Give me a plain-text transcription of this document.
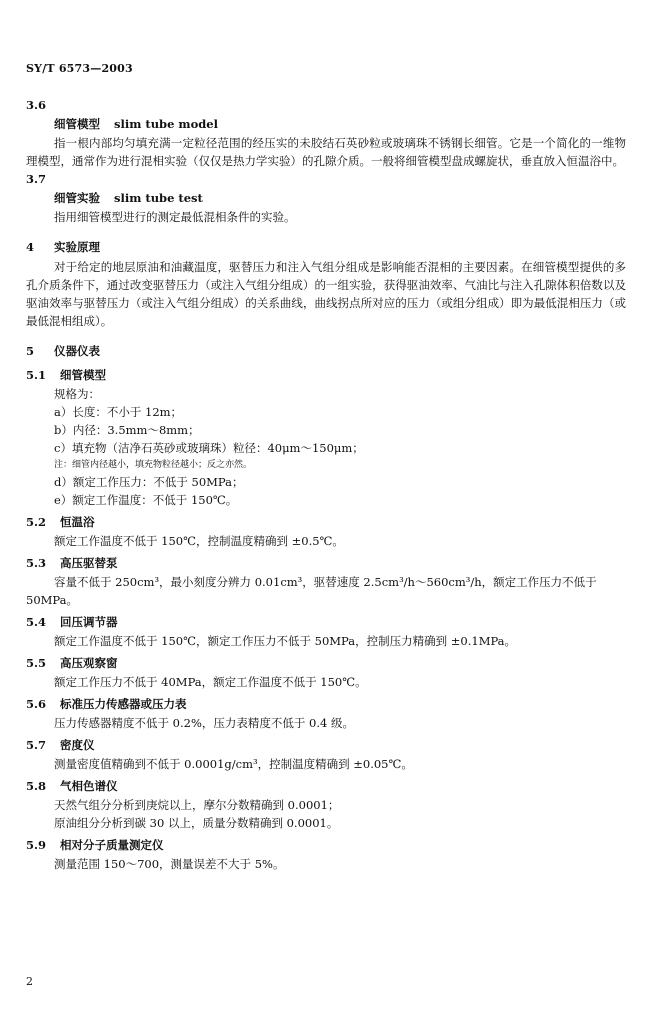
SY/T 6573—2003
3.6
细管模型 slim tube model
指一根内部均匀填充满一定粒径范围的经压实的未胶结石英砂粒或玻璃珠不锈钢长细管。它是一个简化的一维物理模型，通常作为进行混相实验（仅仅是热力学实验）的孔隙介质。一般将细管模型盘成螺旋状，垂直放入恒温浴中。
3.7
细管实验 slim tube test
指用细管模型进行的测定最低混相条件的实验。
4 实验原理
对于给定的地层原油和油藏温度，驱替压力和注入气组分组成是影响能否混相的主要因素。在细管模型提供的多孔介质条件下，通过改变驱替压力（或注入气组分组成）的一组实验，获得驱油效率、气油比与注入孔隙体积倍数以及驱油效率与驱替压力（或注入气组分组成）的关系曲线，曲线拐点所对应的压力（或组分组成）即为最低混相压力（或最低混相组成）。
5 仪器仪表
5.1 细管模型
规格为：
a）长度：不小于 12m；
b）内径：3.5mm～8mm；
c）填充物（洁净石英砂或玻璃珠）粒径：40μm～150μm；
注：细管内径越小，填充物粒径越小；反之亦然。
d）额定工作压力：不低于 50MPa；
e）额定工作温度：不低于 150℃。
5.2 恒温浴
额定工作温度不低于 150℃，控制温度精确到 ±0.5℃。
5.3 高压驱替泵
容量不低于 250cm³，最小刻度分辨力 0.01cm³，驱替速度 2.5cm³/h～560cm³/h，额定工作压力不低于 50MPa。
5.4 回压调节器
额定工作温度不低于 150℃，额定工作压力不低于 50MPa，控制压力精确到 ±0.1MPa。
5.5 高压观察窗
额定工作压力不低于 40MPa，额定工作温度不低于 150℃。
5.6 标准压力传感器或压力表
压力传感器精度不低于 0.2%，压力表精度不低于 0.4 级。
5.7 密度仪
测量密度值精确到不低于 0.0001g/cm³，控制温度精确到 ±0.05℃。
5.8 气相色谱仪
天然气组分分析到庚烷以上，摩尔分数精确到 0.0001；
原油组分分析到碳 30 以上，质量分数精确到 0.0001。
5.9 相对分子质量测定仪
测量范围 150～700，测量误差不大于 5%。
2
